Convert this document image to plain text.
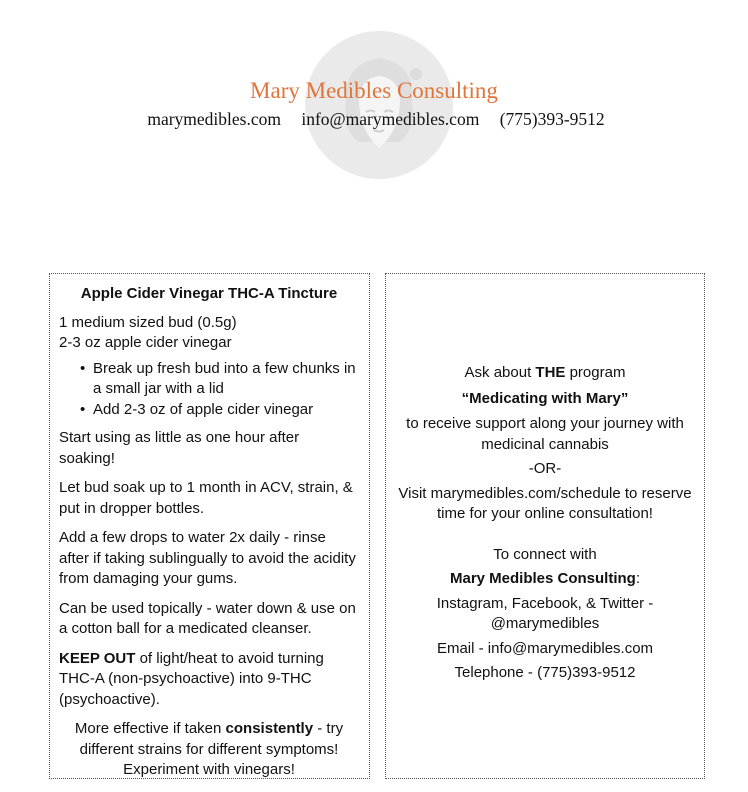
Mary Medibles Consulting
marymedibles.com info@marymedibles.com (775)393-9512
Apple Cider Vinegar THC-A Tincture
1 medium sized bud (0.5g)
2-3 oz apple cider vinegar
• Break up fresh bud into a few chunks in a small jar with a lid
• Add 2-3 oz of apple cider vinegar
Start using as little as one hour after soaking!
Let bud soak up to 1 month in ACV, strain, & put in dropper bottles.
Add a few drops to water 2x daily - rinse after if taking sublingually to avoid the acidity from damaging your gums.
Can be used topically - water down & use on a cotton ball for a medicated cleanser.
KEEP OUT of light/heat to avoid turning THC-A (non-psychoactive) into 9-THC (psychoactive).
More effective if taken consistently - try different strains for different symptoms! Experiment with vinegars!
Ask about THE program
“Medicating with Mary”
to receive support along your journey with medicinal cannabis
-OR-
Visit marymedibles.com/schedule to reserve time for your online consultation!
To connect with
Mary Medibles Consulting:
Instagram, Facebook, & Twitter - @marymedibles
Email - info@marymedibles.com
Telephone - (775)393-9512
